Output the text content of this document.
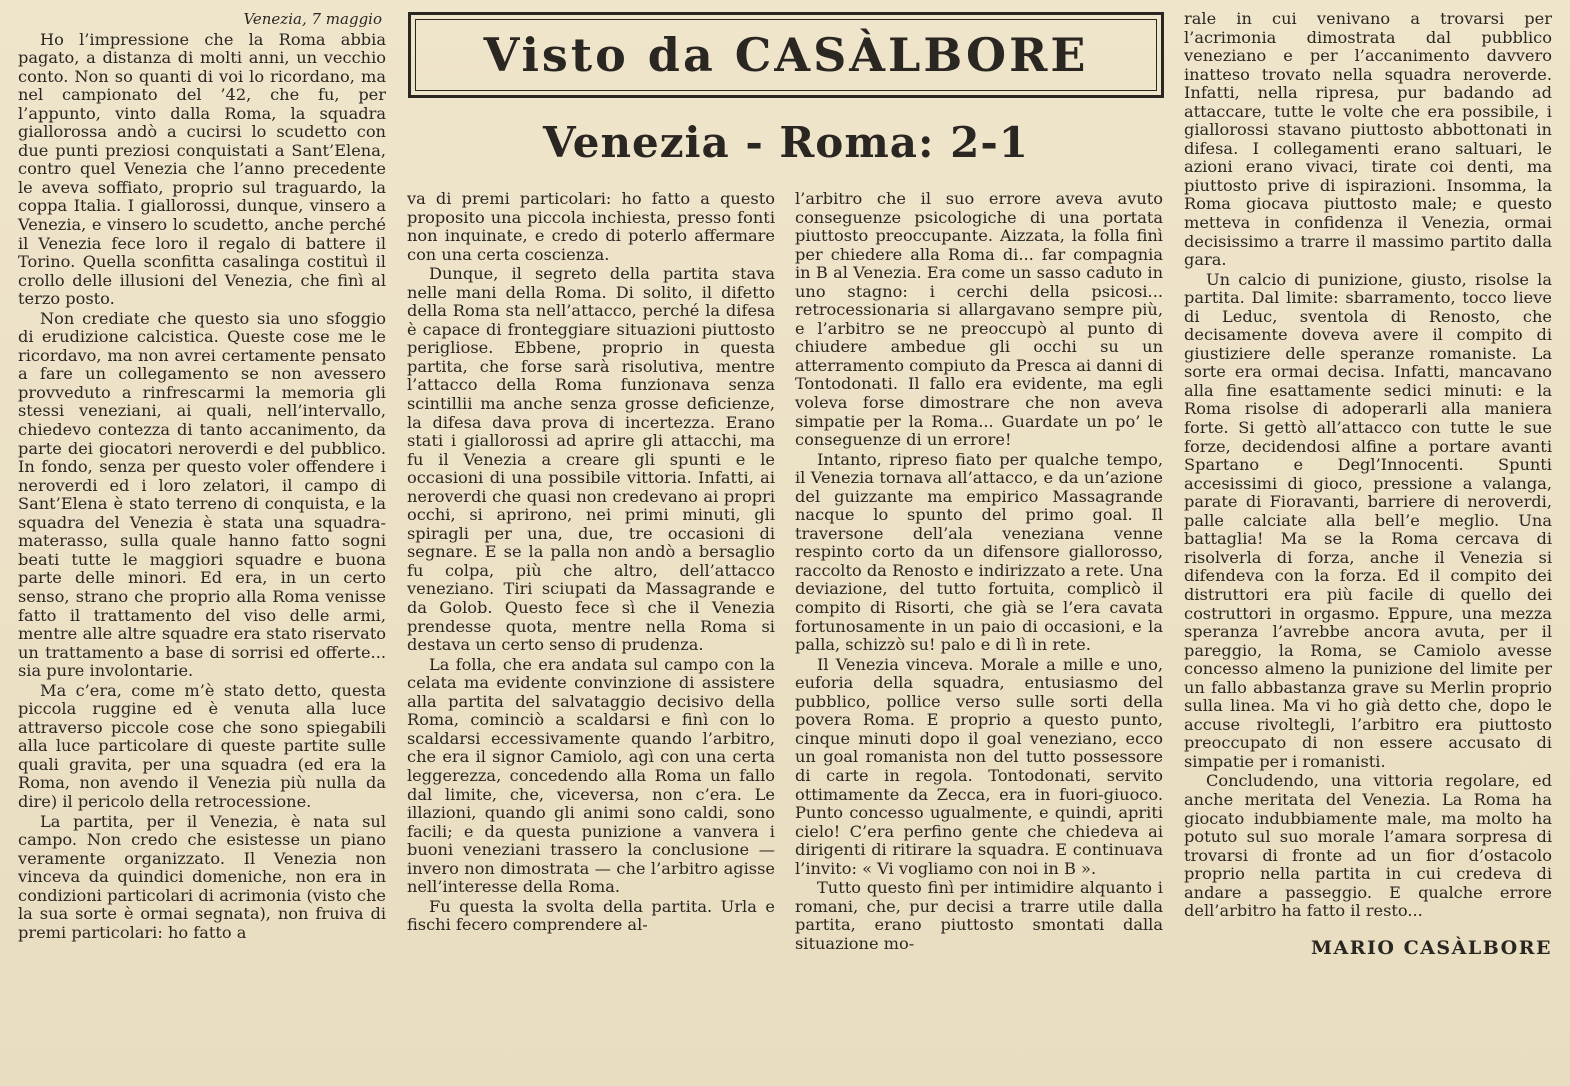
Visto da CASÀLBORE
Venezia - Roma: 2-1
Venezia, 7 maggio

Ho l’impressione che la Roma abbia pagato, a distanza di molti anni, un vecchio conto. Non so quanti di voi lo ricordano, ma nel campionato del ’42, che fu, per l’appunto, vinto dalla Roma, la squadra giallorossa andò a cucirsi lo scudetto con due punti preziosi conquistati a Sant’Elena, contro quel Venezia che l’anno precedente le aveva soffiato, proprio sul traguardo, la coppa Italia. I giallorossi, dunque, vinsero a Venezia, e vinsero lo scudetto, anche perché il Venezia fece loro il regalo di battere il Torino. Quella sconfitta casalinga costituì il crollo delle illusioni del Venezia, che finì al terzo posto.

Non crediate che questo sia uno sfoggio di erudizione calcistica. Queste cose me le ricordavo, ma non avrei certamente pensato a fare un collegamento se non avessero provveduto a rinfrescarmi la memoria gli stessi veneziani, ai quali, nell’intervallo, chiedevo contezza di tanto accanimento, da parte dei giocatori neroverdi e del pubblico. In fondo, senza per questo voler offendere i neroverdi ed i loro zelatori, il campo di Sant’Elena è stato terreno di conquista, e la squadra del Venezia è stata una squadra-materasso, sulla quale hanno fatto sogni beati tutte le maggiori squadre e buona parte delle minori. Ed era, in un certo senso, strano che proprio alla Roma venisse fatto il trattamento del viso delle armi, mentre alle altre squadre era stato riservato un trattamento a base di sorrisi ed offerte... sia pure involontarie.

Ma c’era, come m’è stato detto, questa piccola ruggine ed è venuta alla luce attraverso piccole cose che sono spiegabili alla luce particolare di queste partite sulle quali gravita, per una squadra (ed era la Roma, non avendo il Venezia più nulla da dire) il pericolo della retrocessione.

La partita, per il Venezia, è nata sul campo. Non credo che esistesse un piano veramente organizzato. Il Venezia non vinceva da quindici domeniche, non era in condizioni particolari di acrimonia (visto che la sua sorte è ormai segnata), non fruiva di premi particolari: ho fatto a

va di premi particolari: ho fatto a questo proposito una piccola inchiesta, presso fonti non inquinate, e credo di poterlo affermare con una certa coscienza.

Dunque, il segreto della partita stava nelle mani della Roma. Di solito, il difetto della Roma sta nell’attacco, perché la difesa è capace di fronteggiare situazioni piuttosto perigliose. Ebbene, proprio in questa partita, che forse sarà risolutiva, mentre l’attacco della Roma funzionava senza scintillii ma anche senza grosse deficienze, la difesa dava prova di incertezza. Erano stati i giallorossi ad aprire gli attacchi, ma fu il Venezia a creare gli spunti e le occasioni di una possibile vittoria. Infatti, ai neroverdi che quasi non credevano ai propri occhi, si aprirono, nei primi minuti, gli spiragli per una, due, tre occasioni di segnare. E se la palla non andò a bersaglio fu colpa, più che altro, dell’attacco veneziano. Tiri sciupati da Massagrande e da Golob. Questo fece sì che il Venezia prendesse quota, mentre nella Roma si destava un certo senso di prudenza.

La folla, che era andata sul campo con la celata ma evidente convinzione di assistere alla partita del salvataggio decisivo della Roma, cominciò a scaldarsi e finì con lo scaldarsi eccessivamente quando l’arbitro, che era il signor Camiolo, agì con una certa leggerezza, concedendo alla Roma un fallo dal limite, che, viceversa, non c’era. Le illazioni, quando gli animi sono caldi, sono facili; e da questa punizione a vanvera i buoni veneziani trassero la conclusione — invero non dimostrata — che l’arbitro agisse nell’interesse della Roma.

Fu questa la svolta della partita. Urla e fischi fecero comprendere al-

l’arbitro che il suo errore aveva avuto conseguenze psicologiche di una portata piuttosto preoccupante. Aizzata, la folla finì per chiedere alla Roma di... far compagnia in B al Venezia. Era come un sasso caduto in uno stagno: i cerchi della psicosi... retrocessionaria si allargavano sempre più, e l’arbitro se ne preoccupò al punto di chiudere ambedue gli occhi su un atterramento compiuto da Presca ai danni di Tontodonati. Il fallo era evidente, ma egli voleva forse dimostrare che non aveva simpatie per la Roma... Guardate un po’ le conseguenze di un errore!

Intanto, ripreso fiato per qualche tempo, il Venezia tornava all’attacco, e da un’azione del guizzante ma empirico Massagrande nacque lo spunto del primo goal. Il traversone dell’ala veneziana venne respinto corto da un difensore giallorosso, raccolto da Renosto e indirizzato a rete. Una deviazione, del tutto fortuita, complicò il compito di Risorti, che già se l’era cavata fortunosamente in un paio di occasioni, e la palla, schizzò su! palo e di lì in rete.

Il Venezia vinceva. Morale a mille e uno, euforia della squadra, entusiasmo del pubblico, pollice verso sulle sorti della povera Roma. E proprio a questo punto, cinque minuti dopo il goal veneziano, ecco un goal romanista non del tutto possessore di carte in regola. Tontodonati, servito ottimamente da Zecca, era in fuori-giuoco. Punto concesso ugualmente, e quindi, apriti cielo! C’era perfino gente che chiedeva ai dirigenti di ritirare la squadra. E continuava l’invito: « Vi vogliamo con noi in B ».

Tutto questo finì per intimidire alquanto i romani, che, pur decisi a trarre utile dalla partita, erano piuttosto smontati dalla situazione mo-

rale in cui venivano a trovarsi per l’acrimonia dimostrata dal pubblico veneziano e per l’accanimento davvero inatteso trovato nella squadra neroverde. Infatti, nella ripresa, pur badando ad attaccare, tutte le volte che era possibile, i giallorossi stavano piuttosto abbottonati in difesa. I collegamenti erano saltuari, le azioni erano vivaci, tirate coi denti, ma piuttosto prive di ispirazioni. Insomma, la Roma giocava piuttosto male; e questo metteva in confidenza il Venezia, ormai decisissimo a trarre il massimo partito dalla gara.

Un calcio di punizione, giusto, risolse la partita. Dal limite: sbarramento, tocco lieve di Leduc, sventola di Renosto, che decisamente doveva avere il compito di giustiziere delle speranze romaniste. La sorte era ormai decisa. Infatti, mancavano alla fine esattamente sedici minuti: e la Roma risolse di adoperarli alla maniera forte. Si gettò all’attacco con tutte le sue forze, decidendosi alfine a portare avanti Spartano e Degl’Innocenti. Spunti accesissimi di gioco, pressione a valanga, parate di Fioravanti, barriere di neroverdi, palle calciate alla bell’e meglio. Una battaglia! Ma se la Roma cercava di risolverla di forza, anche il Venezia si difendeva con la forza. Ed il compito dei distruttori era più facile di quello dei costruttori in orgasmo. Eppure, una mezza speranza l’avrebbe ancora avuta, per il pareggio, la Roma, se Camiolo avesse concesso almeno la punizione del limite per un fallo abbastanza grave su Merlin proprio sulla linea. Ma vi ho già detto che, dopo le accuse rivoltegli, l’arbitro era piuttosto preoccupato di non essere accusato di simpatie per i romanisti.

Concludendo, una vittoria regolare, ed anche meritata del Venezia. La Roma ha giocato indubbiamente male, ma molto ha potuto sul suo morale l’amara sorpresa di trovarsi di fronte ad un fior d’ostacolo proprio nella partita in cui credeva di andare a passeggio. E qualche errore dell’arbitro ha fatto il resto...

MARIO CASÀLBORE
